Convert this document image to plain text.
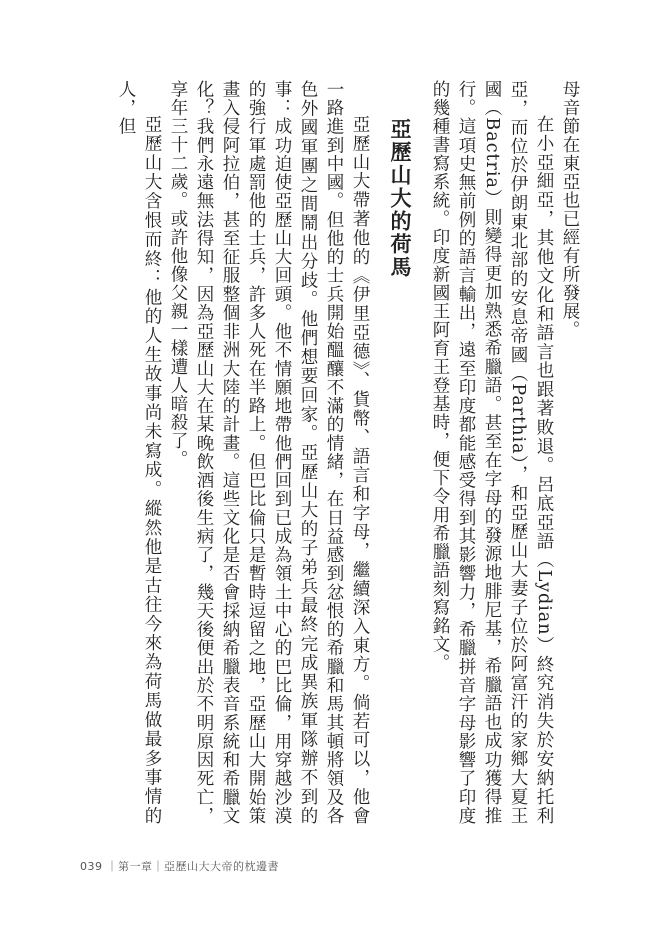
母音節在東亞也已經有所發展。

在小亞細亞，其他文化和語言也跟著敗退。呂底亞語（Lydian）終究消失於安納托利亞，而位於伊朗東北部的安息帝國（Parthia），和亞歷山大妻子位於阿富汗的家鄉大夏王國（Bactria）則變得更加熟悉希臘語。甚至在字母的發源地腓尼基，希臘語也成功獲得推行。這項史無前例的語言輸出，遠至印度都能感受得到其影響力，希臘拼音字母影響了印度的幾種書寫系統。印度新國王阿育王登基時，便下令用希臘語刻寫銘文。

亞歷山大的荷馬

亞歷山大帶著他的《伊里亞德》、貨幣、語言和字母，繼續深入東方。倘若可以，他會一路進到中國。但他的士兵開始醞釀不滿的情緒，在日益感到忿恨的希臘和馬其頓將領及各色外國軍團之間鬧出分歧。他們想要回家。亞歷山大的子弟兵最終完成異族軍隊辦不到的事：成功迫使亞歷山大回頭。他不情願地帶他們回到已成為領土中心的巴比倫，用穿越沙漠的強行軍處罰他的士兵，許多人死在半路上。但巴比倫只是暫時逗留之地，亞歷山大開始策畫入侵阿拉伯，甚至征服整個非洲大陸的計畫。這些文化是否會採納希臘表音系統和希臘文化？我們永遠無法得知，因為亞歷山大在某晚飲酒後生病了，幾天後便出於不明原因死亡，享年三十二歲。或許他像父親一樣遭人暗殺了。

亞歷山大含恨而終：他的人生故事尚未寫成。縱然他是古往今來為荷馬做最多事情的人，但

039 ｜第一章｜亞歷山大大帝的枕邊書
